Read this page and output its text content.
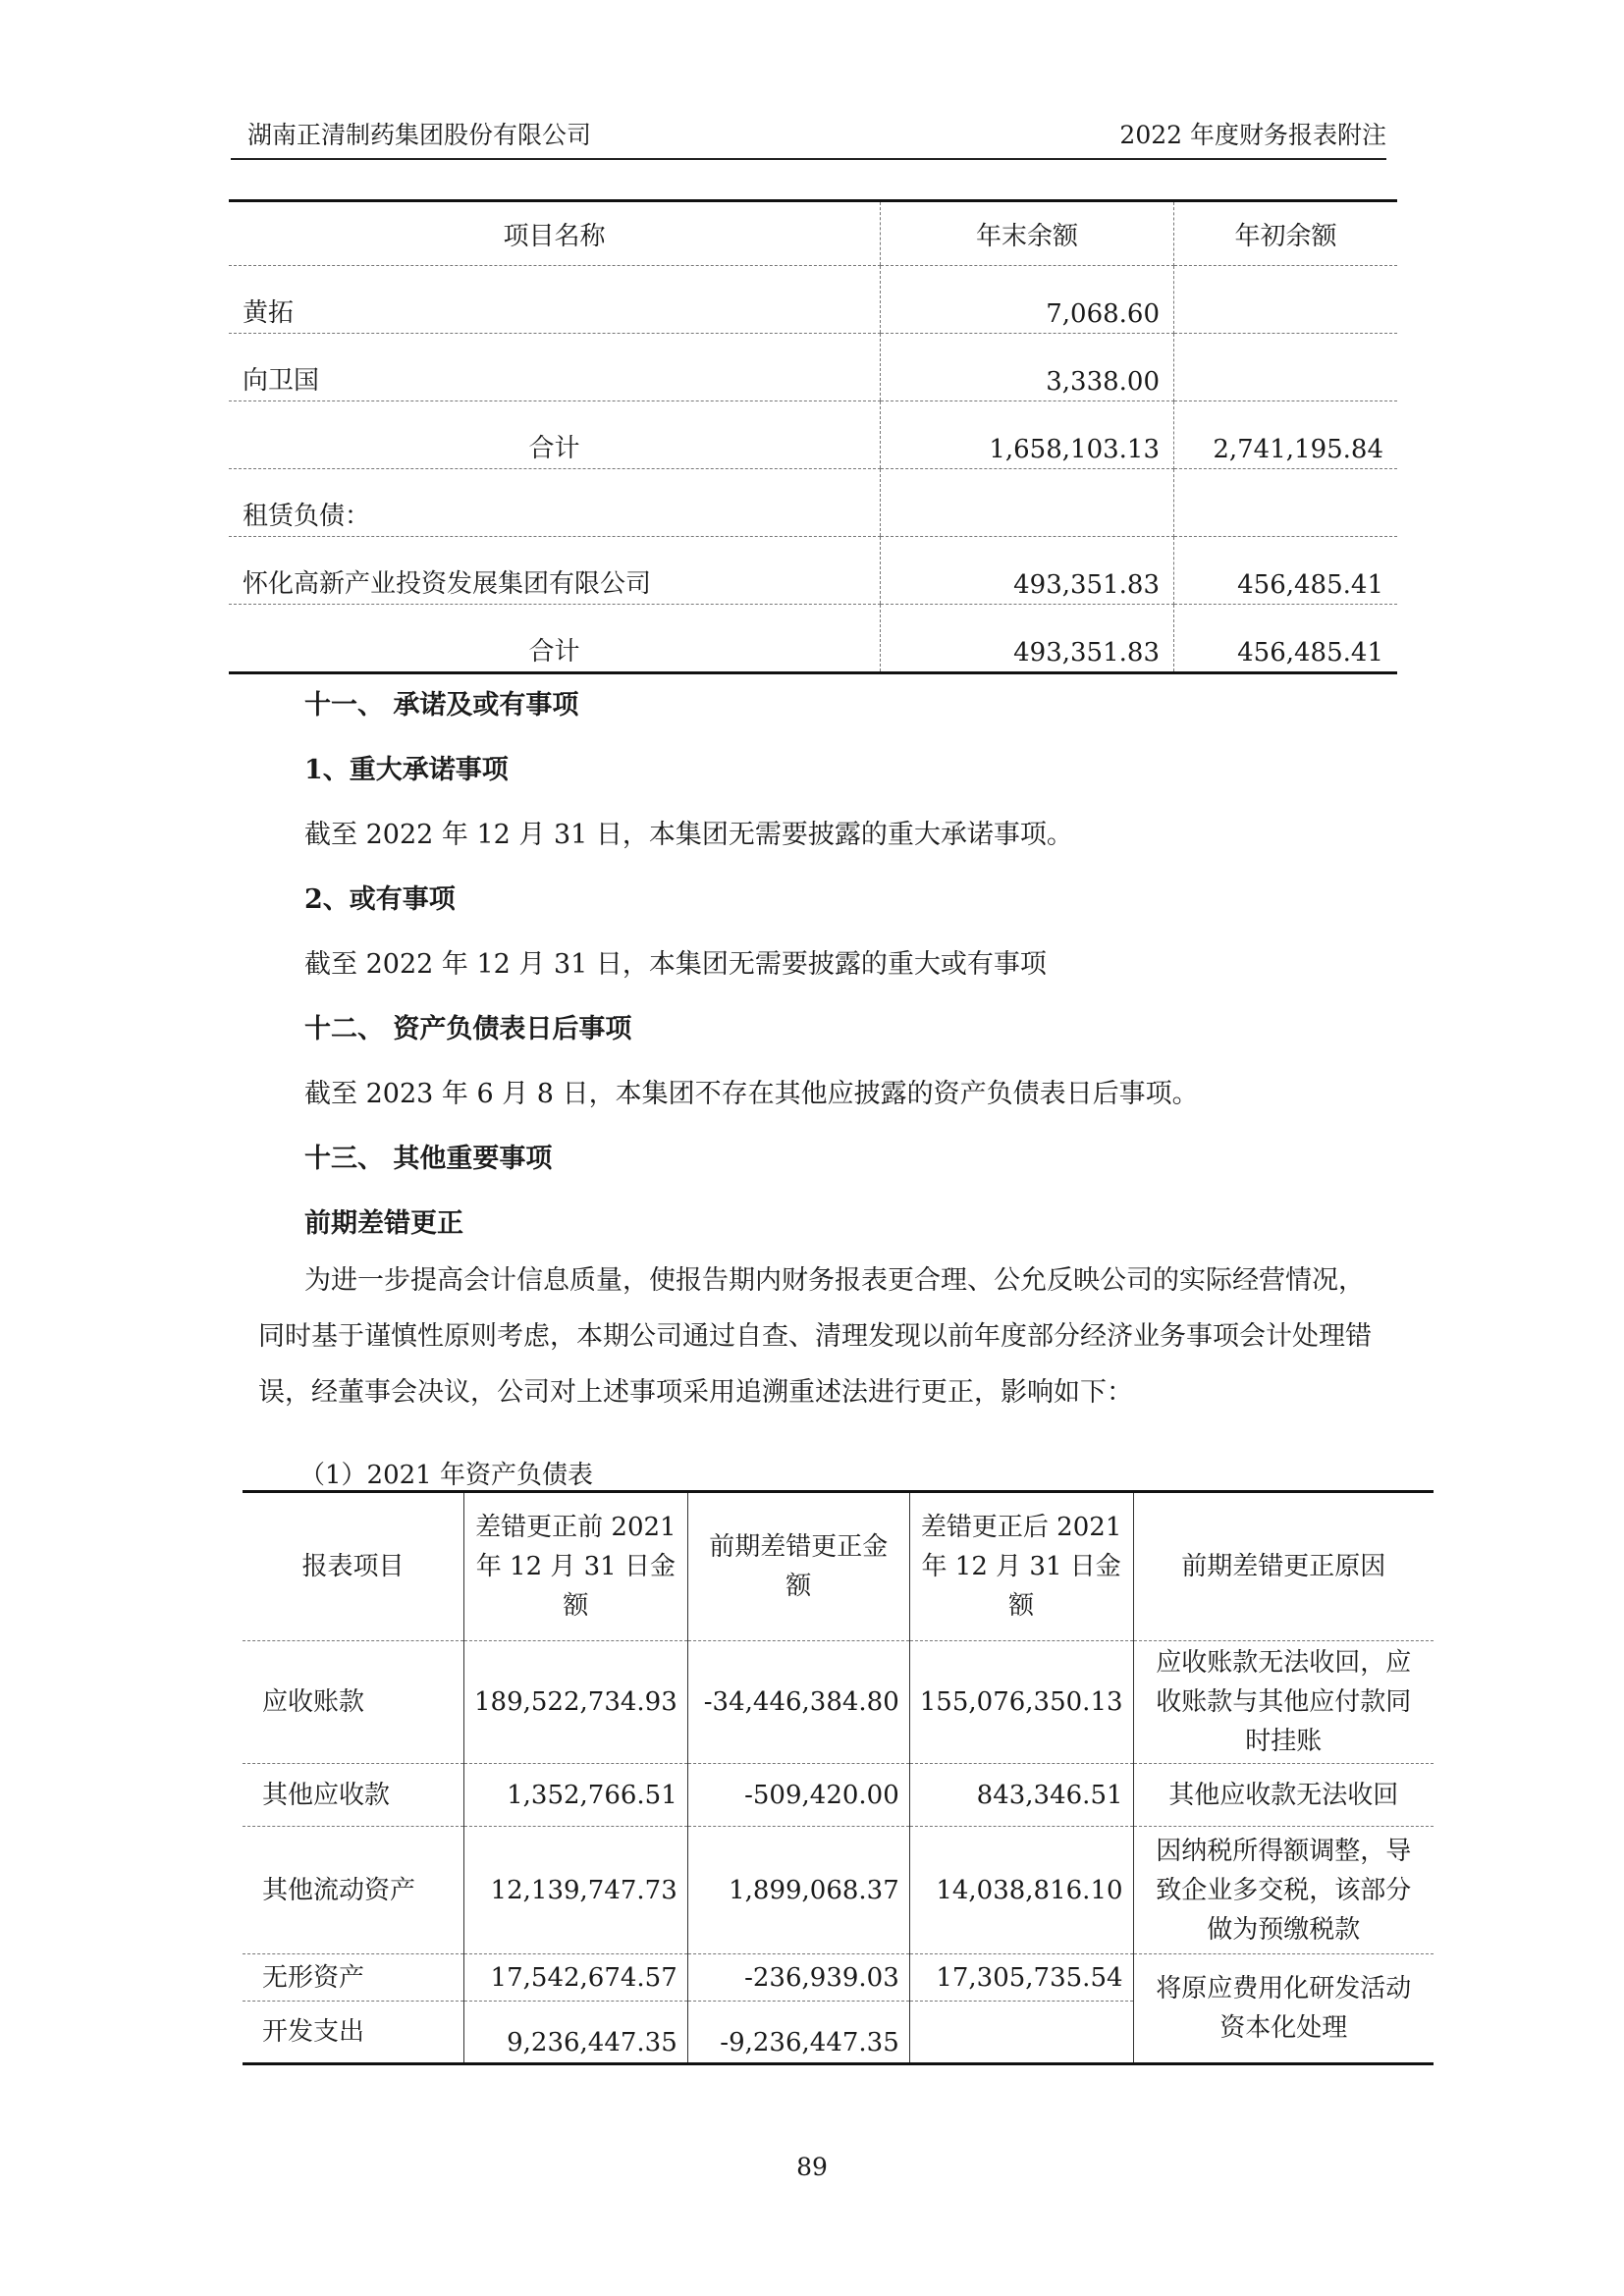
湖南正清制药集团股份有限公司	2022 年度财务报表附注
项目名称	年末余额	年初余额
黄拓	7,068.60	
向卫国	3,338.00	
合计	1,658,103.13	2,741,195.84
租赁负债：		
怀化高新产业投资发展集团有限公司	493,351.83	456,485.41
合计	493,351.83	456,485.41
十一、 承诺及或有事项
1、重大承诺事项
截至 2022 年 12 月 31 日，本集团无需要披露的重大承诺事项。
2、或有事项
截至 2022 年 12 月 31 日，本集团无需要披露的重大或有事项
十二、 资产负债表日后事项
截至 2023 年 6 月 8 日，本集团不存在其他应披露的资产负债表日后事项。
十三、 其他重要事项
前期差错更正
为进一步提高会计信息质量，使报告期内财务报表更合理、公允反映公司的实际经营情况，同时基于谨慎性原则考虑，本期公司通过自查、清理发现以前年度部分经济业务事项会计处理错误，经董事会决议，公司对上述事项采用追溯重述法进行更正，影响如下：
（1）2021 年资产负债表
报表项目	差错更正前 2021 年 12 月 31 日金额	前期差错更正金额	差错更正后 2021 年 12 月 31 日金额	前期差错更正原因
应收账款	189,522,734.93	-34,446,384.80	155,076,350.13	应收账款无法收回，应收账款与其他应付款同时挂账
其他应收款	1,352,766.51	-509,420.00	843,346.51	其他应收款无法收回
其他流动资产	12,139,747.73	1,899,068.37	14,038,816.10	因纳税所得额调整，导致企业多交税，该部分做为预缴税款
无形资产	17,542,674.57	-236,939.03	17,305,735.54	将原应费用化研发活动资本化处理
开发支出	9,236,447.35	-9,236,447.35		
89
